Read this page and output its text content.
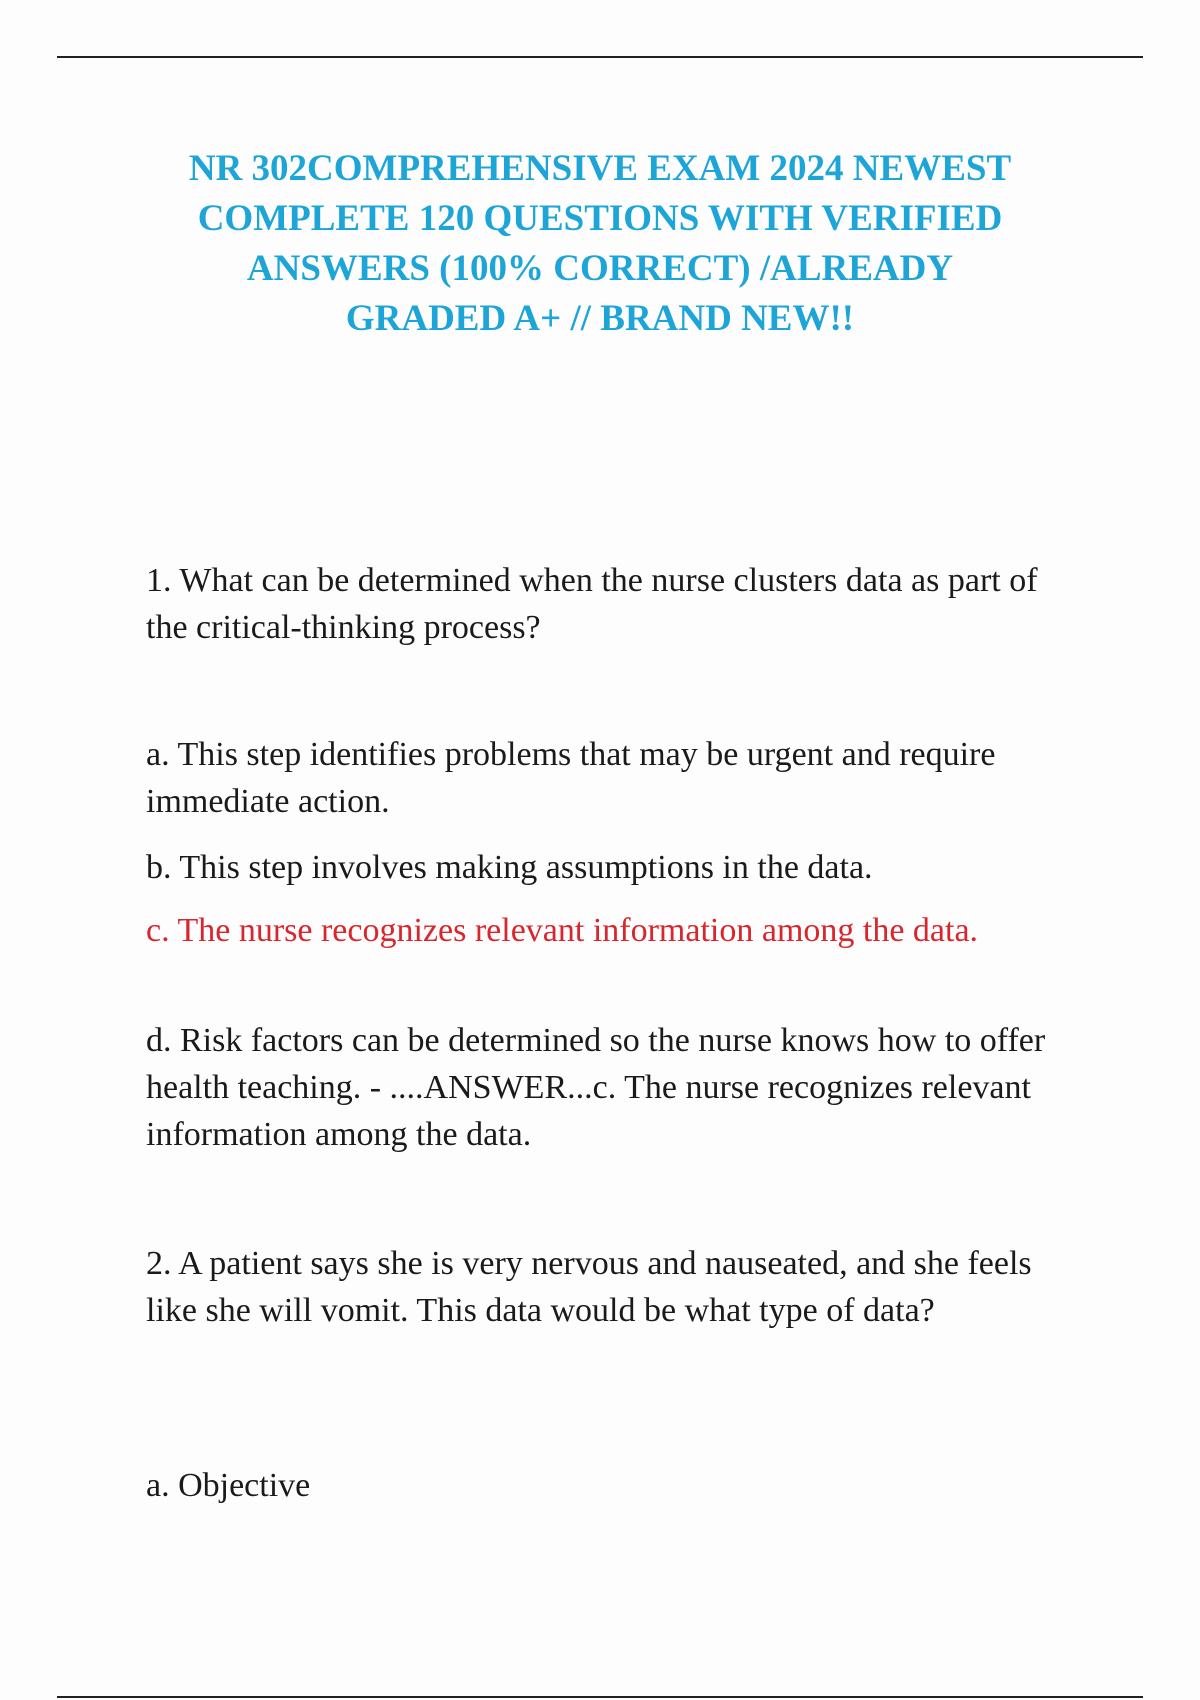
NR 302COMPREHENSIVE EXAM 2024 NEWEST
COMPLETE 120 QUESTIONS WITH VERIFIED
ANSWERS (100% CORRECT) /ALREADY
GRADED A+ // BRAND NEW!!

1. What can be determined when the nurse clusters data as part of the critical-thinking process?

a. This step identifies problems that may be urgent and require immediate action.

b. This step involves making assumptions in the data.

c. The nurse recognizes relevant information among the data.

d. Risk factors can be determined so the nurse knows how to offer health teaching. - ....ANSWER...c. The nurse recognizes relevant information among the data.

2. A patient says she is very nervous and nauseated, and she feels like she will vomit. This data would be what type of data?

a. Objective
